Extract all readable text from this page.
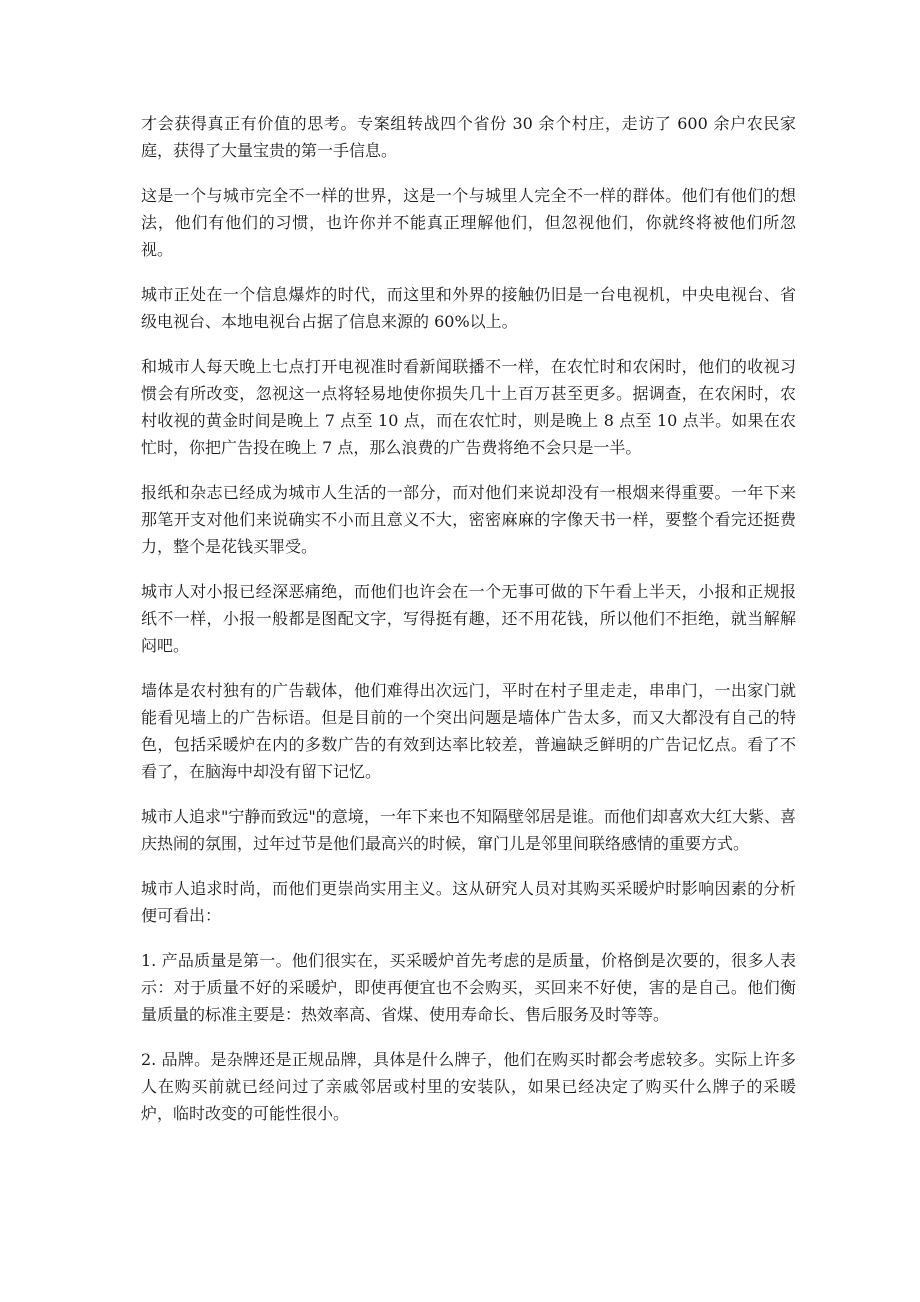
才会获得真正有价值的思考。专案组转战四个省份 30 余个村庄，走访了 600 余户农民家庭，获得了大量宝贵的第一手信息。

这是一个与城市完全不一样的世界，这是一个与城里人完全不一样的群体。他们有他们的想法，他们有他们的习惯，也许你并不能真正理解他们，但忽视他们，你就终将被他们所忽视。

城市正处在一个信息爆炸的时代，而这里和外界的接触仍旧是一台电视机，中央电视台、省级电视台、本地电视台占据了信息来源的 60%以上。

和城市人每天晚上七点打开电视准时看新闻联播不一样，在农忙时和农闲时，他们的收视习惯会有所改变，忽视这一点将轻易地使你损失几十上百万甚至更多。据调查，在农闲时，农村收视的黄金时间是晚上 7 点至 10 点，而在农忙时，则是晚上 8 点至 10 点半。如果在农忙时，你把广告投在晚上 7 点，那么浪费的广告费将绝不会只是一半。

报纸和杂志已经成为城市人生活的一部分，而对他们来说却没有一根烟来得重要。一年下来那笔开支对他们来说确实不小而且意义不大，密密麻麻的字像天书一样，要整个看完还挺费力，整个是花钱买罪受。

城市人对小报已经深恶痛绝，而他们也许会在一个无事可做的下午看上半天，小报和正规报纸不一样，小报一般都是图配文字，写得挺有趣，还不用花钱，所以他们不拒绝，就当解解闷吧。

墙体是农村独有的广告载体，他们难得出次远门，平时在村子里走走，串串门，一出家门就能看见墙上的广告标语。但是目前的一个突出问题是墙体广告太多，而又大都没有自己的特色，包括采暖炉在内的多数广告的有效到达率比较差，普遍缺乏鲜明的广告记忆点。看了不看了，在脑海中却没有留下记忆。

城市人追求"宁静而致远"的意境，一年下来也不知隔壁邻居是谁。而他们却喜欢大红大紫、喜庆热闹的氛围，过年过节是他们最高兴的时候，窜门儿是邻里间联络感情的重要方式。

城市人追求时尚，而他们更崇尚实用主义。这从研究人员对其购买采暖炉时影响因素的分析便可看出：

1. 产品质量是第一。他们很实在，买采暖炉首先考虑的是质量，价格倒是次要的，很多人表示：对于质量不好的采暖炉，即使再便宜也不会购买，买回来不好使，害的是自己。他们衡量质量的标准主要是：热效率高、省煤、使用寿命长、售后服务及时等等。

2. 品牌。是杂牌还是正规品牌，具体是什么牌子，他们在购买时都会考虑较多。实际上许多人在购买前就已经问过了亲戚邻居或村里的安装队，如果已经决定了购买什么牌子的采暖炉，临时改变的可能性很小。
